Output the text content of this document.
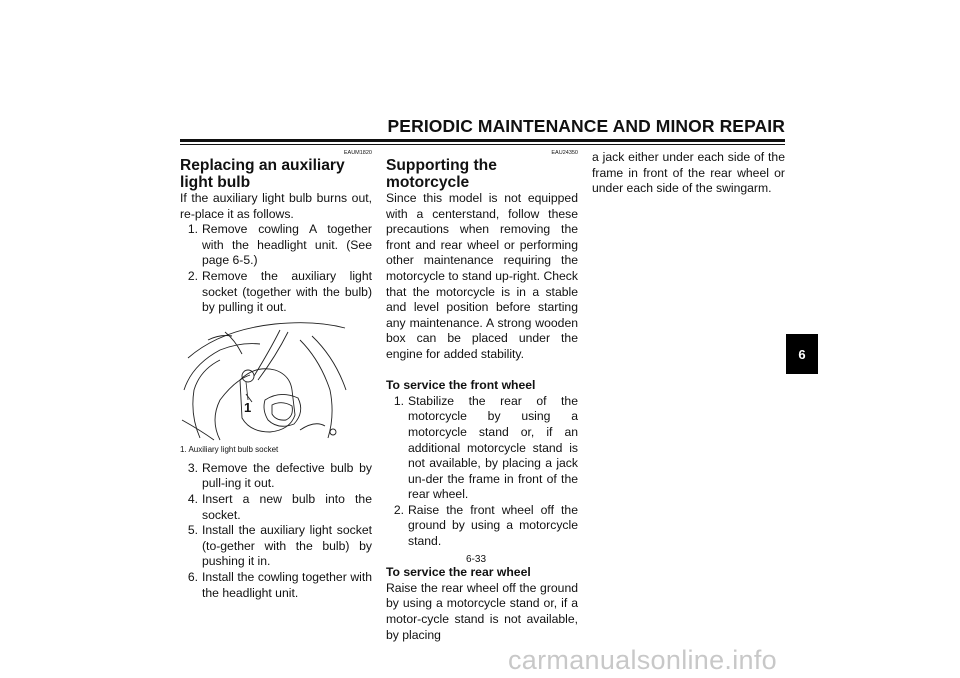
PERIODIC MAINTENANCE AND MINOR REPAIR
EAUM1820
Replacing an auxiliary light bulb

If the auxiliary light bulb burns out, re-place it as follows.

1. Remove cowling A together with the headlight unit. (See page 6-5.)
2. Remove the auxiliary light socket (together with the bulb) by pulling it out.
1
1. Auxiliary light bulb socket
3. Remove the defective bulb by pull-ing it out.
4. Insert a new bulb into the socket.
5. Install the auxiliary light socket (to-gether with the bulb) by pushing it in.
6. Install the cowling together with the headlight unit.
EAU24350
Supporting the motorcycle

Since this model is not equipped with a centerstand, follow these precautions when removing the front and rear wheel or performing other maintenance requiring the motorcycle to stand up-right. Check that the motorcycle is in a stable and level position before starting any maintenance. A strong wooden box can be placed under the engine for added stability.

To service the front wheel

1. Stabilize the rear of the motorcycle by using a motorcycle stand or, if an additional motorcycle stand is not available, by placing a jack un-der the frame in front of the rear wheel.
2. Raise the front wheel off the ground by using a motorcycle stand.

To service the rear wheel

Raise the rear wheel off the ground by using a motorcycle stand or, if a motor-cycle stand is not available, by placing

a jack either under each side of the frame in front of the rear wheel or under each side of the swingarm.

6-33
6
carmanualsonline.info
